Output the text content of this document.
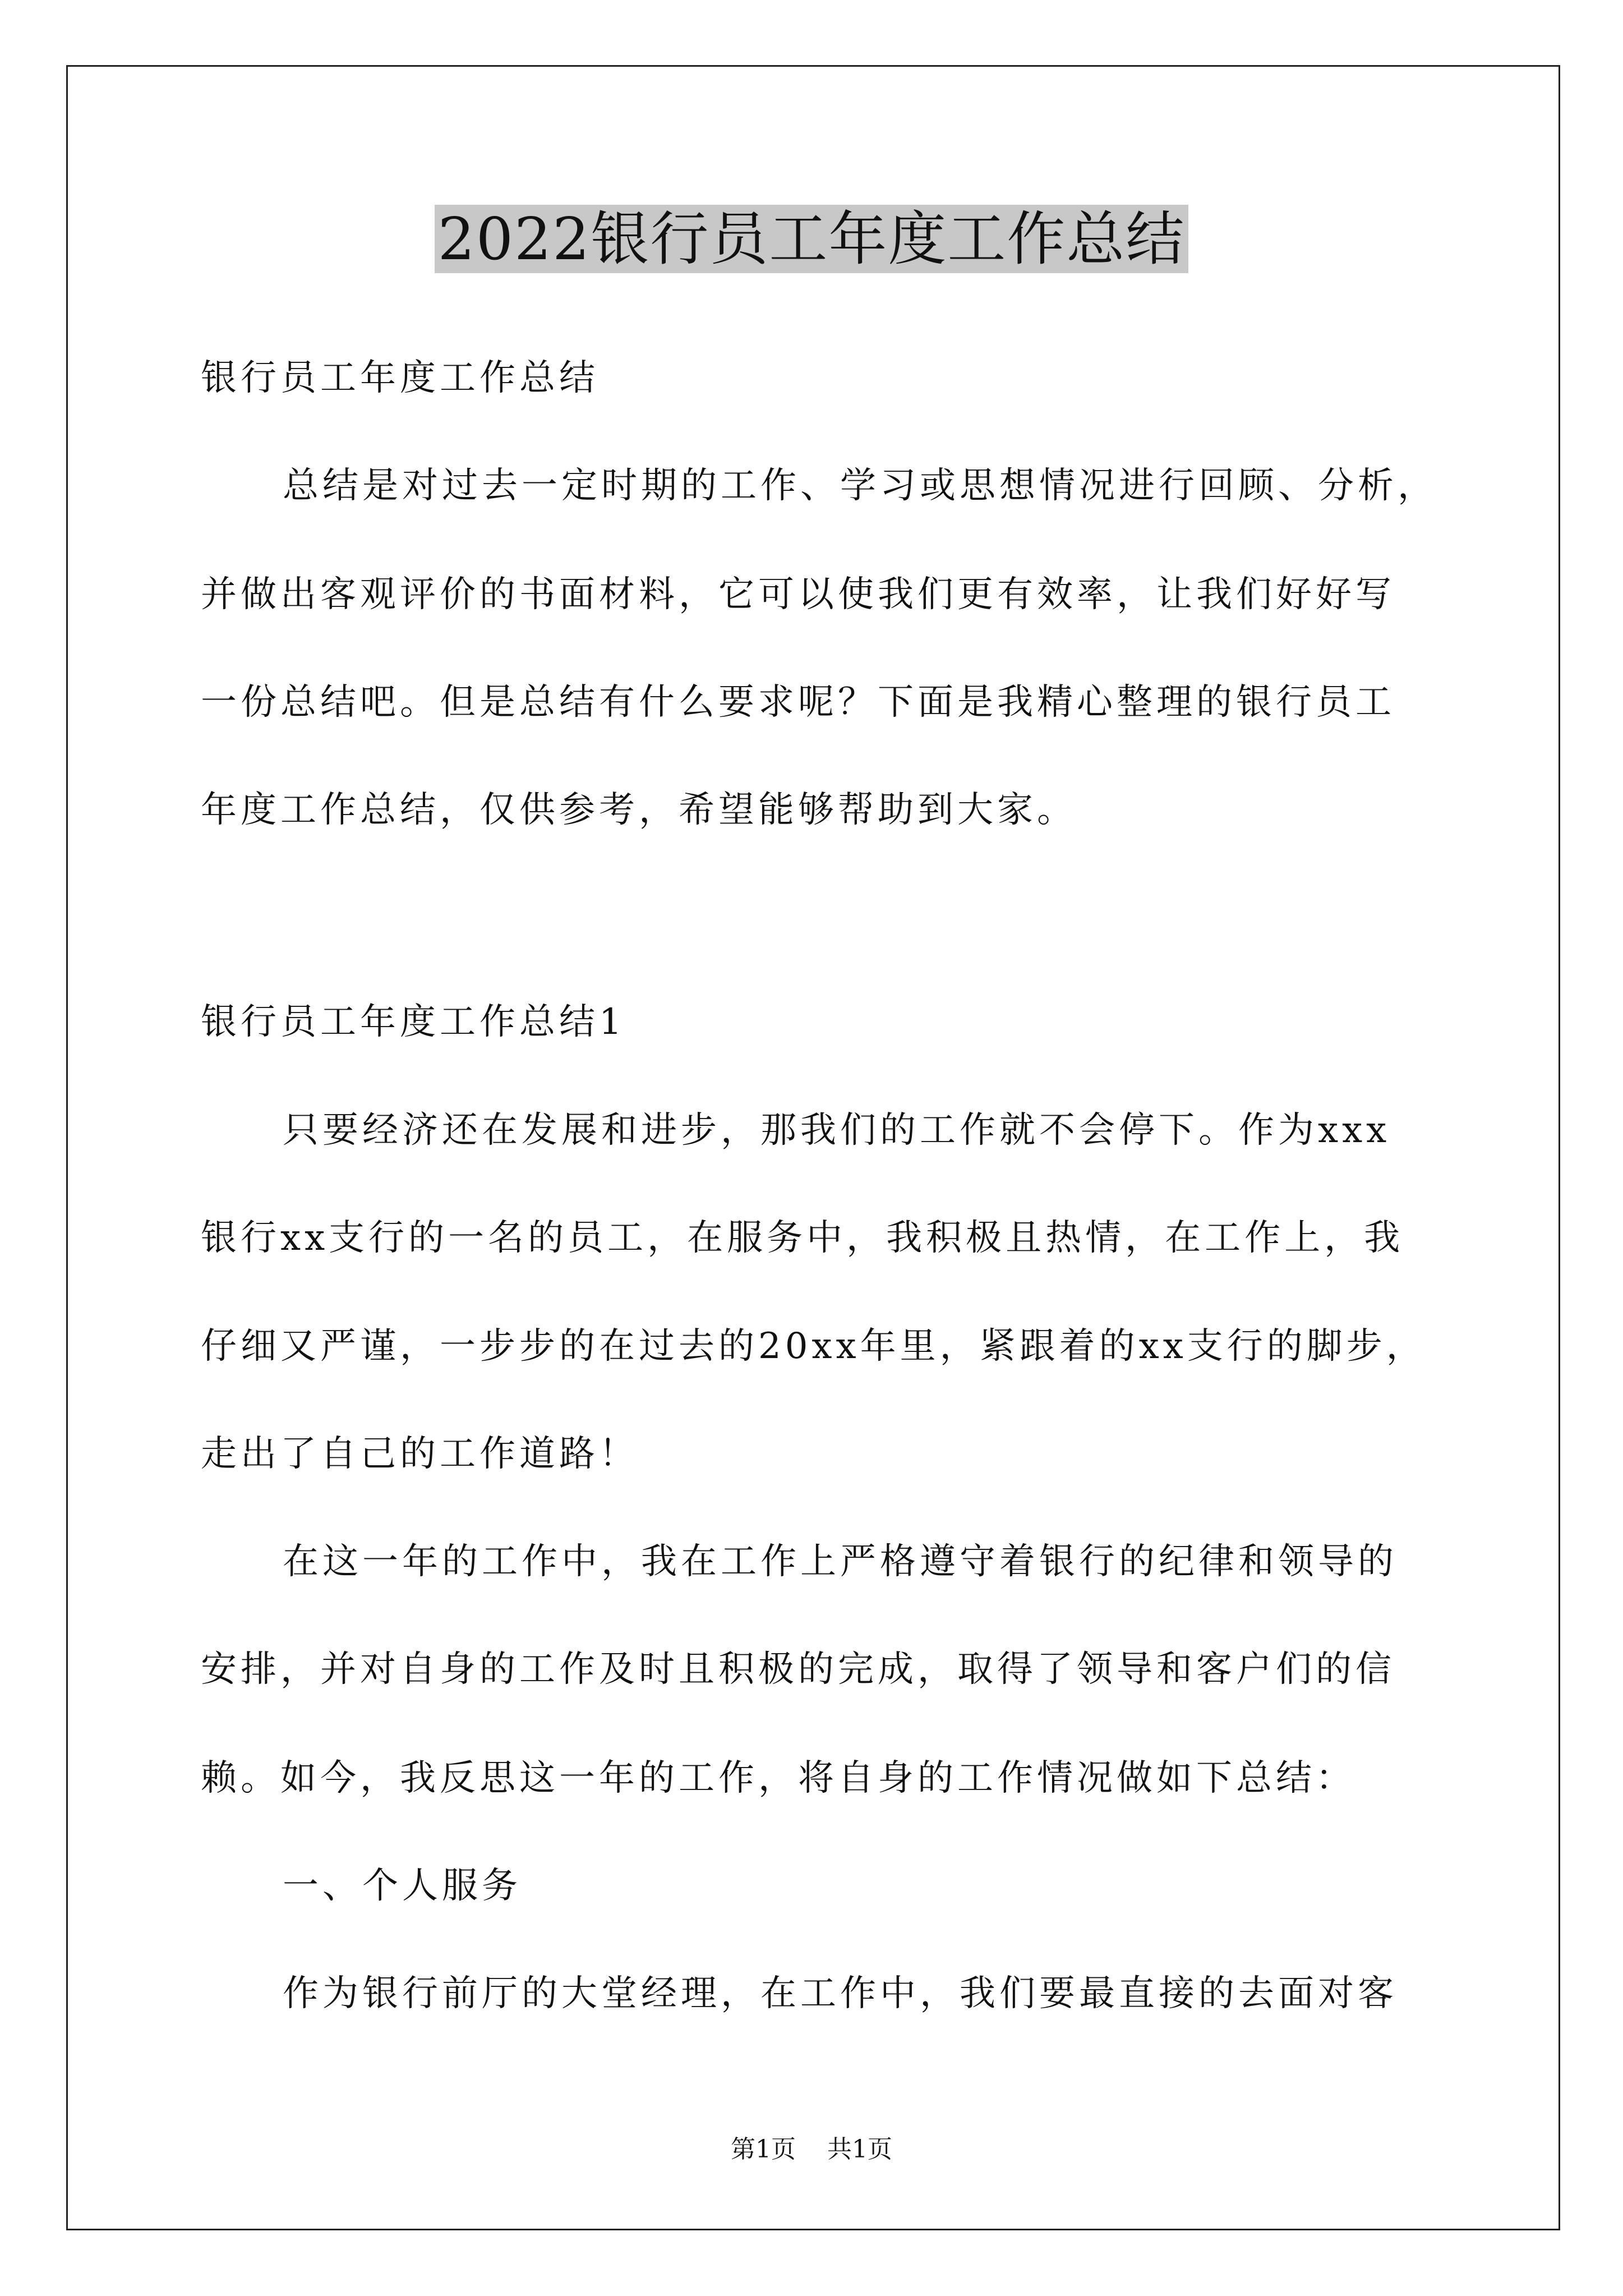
2022银行员工年度工作总结
银行员工年度工作总结
总结是对过去一定时期的工作、学习或思想情况进行回顾、分析，
并做出客观评价的书面材料，它可以使我们更有效率，让我们好好写
一份总结吧。但是总结有什么要求呢？下面是我精心整理的银行员工
年度工作总结，仅供参考，希望能够帮助到大家。
银行员工年度工作总结1
只要经济还在发展和进步，那我们的工作就不会停下。作为xxx
银行xx支行的一名的员工，在服务中，我积极且热情，在工作上，我
仔细又严谨，一步步的在过去的20xx年里，紧跟着的xx支行的脚步，
走出了自己的工作道路！
在这一年的工作中，我在工作上严格遵守着银行的纪律和领导的
安排，并对自身的工作及时且积极的完成，取得了领导和客户们的信
赖。如今，我反思这一年的工作，将自身的工作情况做如下总结：
一、个人服务
作为银行前厅的大堂经理，在工作中，我们要最直接的去面对客
第1页 共1页
